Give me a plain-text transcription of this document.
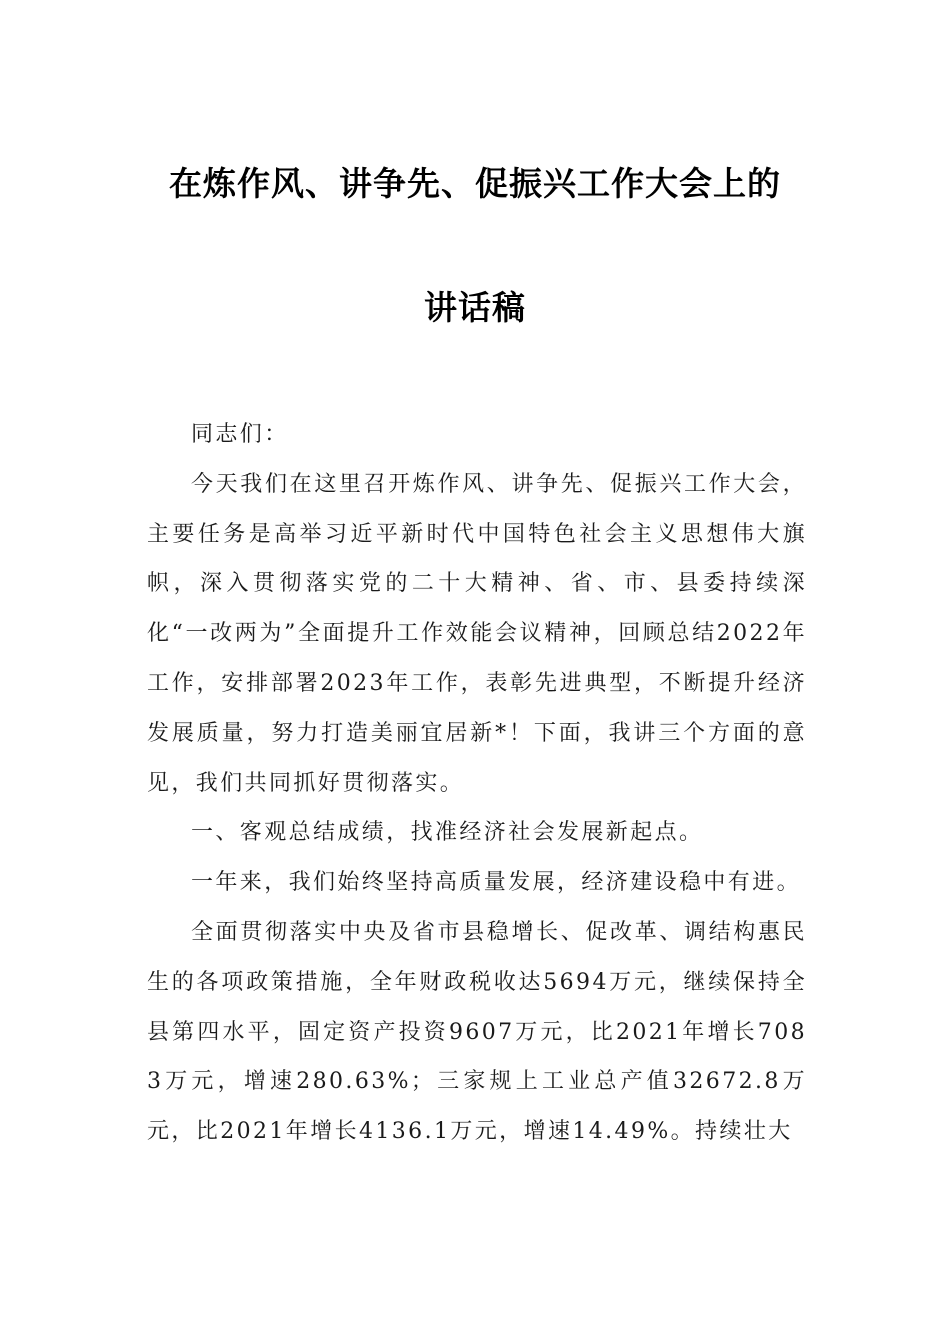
在炼作风、讲争先、促振兴工作大会上的
讲话稿

同志们：

今天我们在这里召开炼作风、讲争先、促振兴工作大会，主要任务是高举习近平新时代中国特色社会主义思想伟大旗帜，深入贯彻落实党的二十大精神、省、市、县委持续深化“一改两为”全面提升工作效能会议精神，回顾总结2022年工作，安排部署2023年工作，表彰先进典型，不断提升经济发展质量，努力打造美丽宜居新*！下面，我讲三个方面的意见，我们共同抓好贯彻落实。

一、客观总结成绩，找准经济社会发展新起点。

一年来，我们始终坚持高质量发展，经济建设稳中有进。

全面贯彻落实中央及省市县稳增长、促改革、调结构惠民生的各项政策措施，全年财政税收达5694万元，继续保持全县第四水平，固定资产投资9607万元，比2021年增长7083万元，增速280.63%；三家规上工业总产值32672.8万元，比2021年增长4136.1万元，增速14.49%。持续壮大
